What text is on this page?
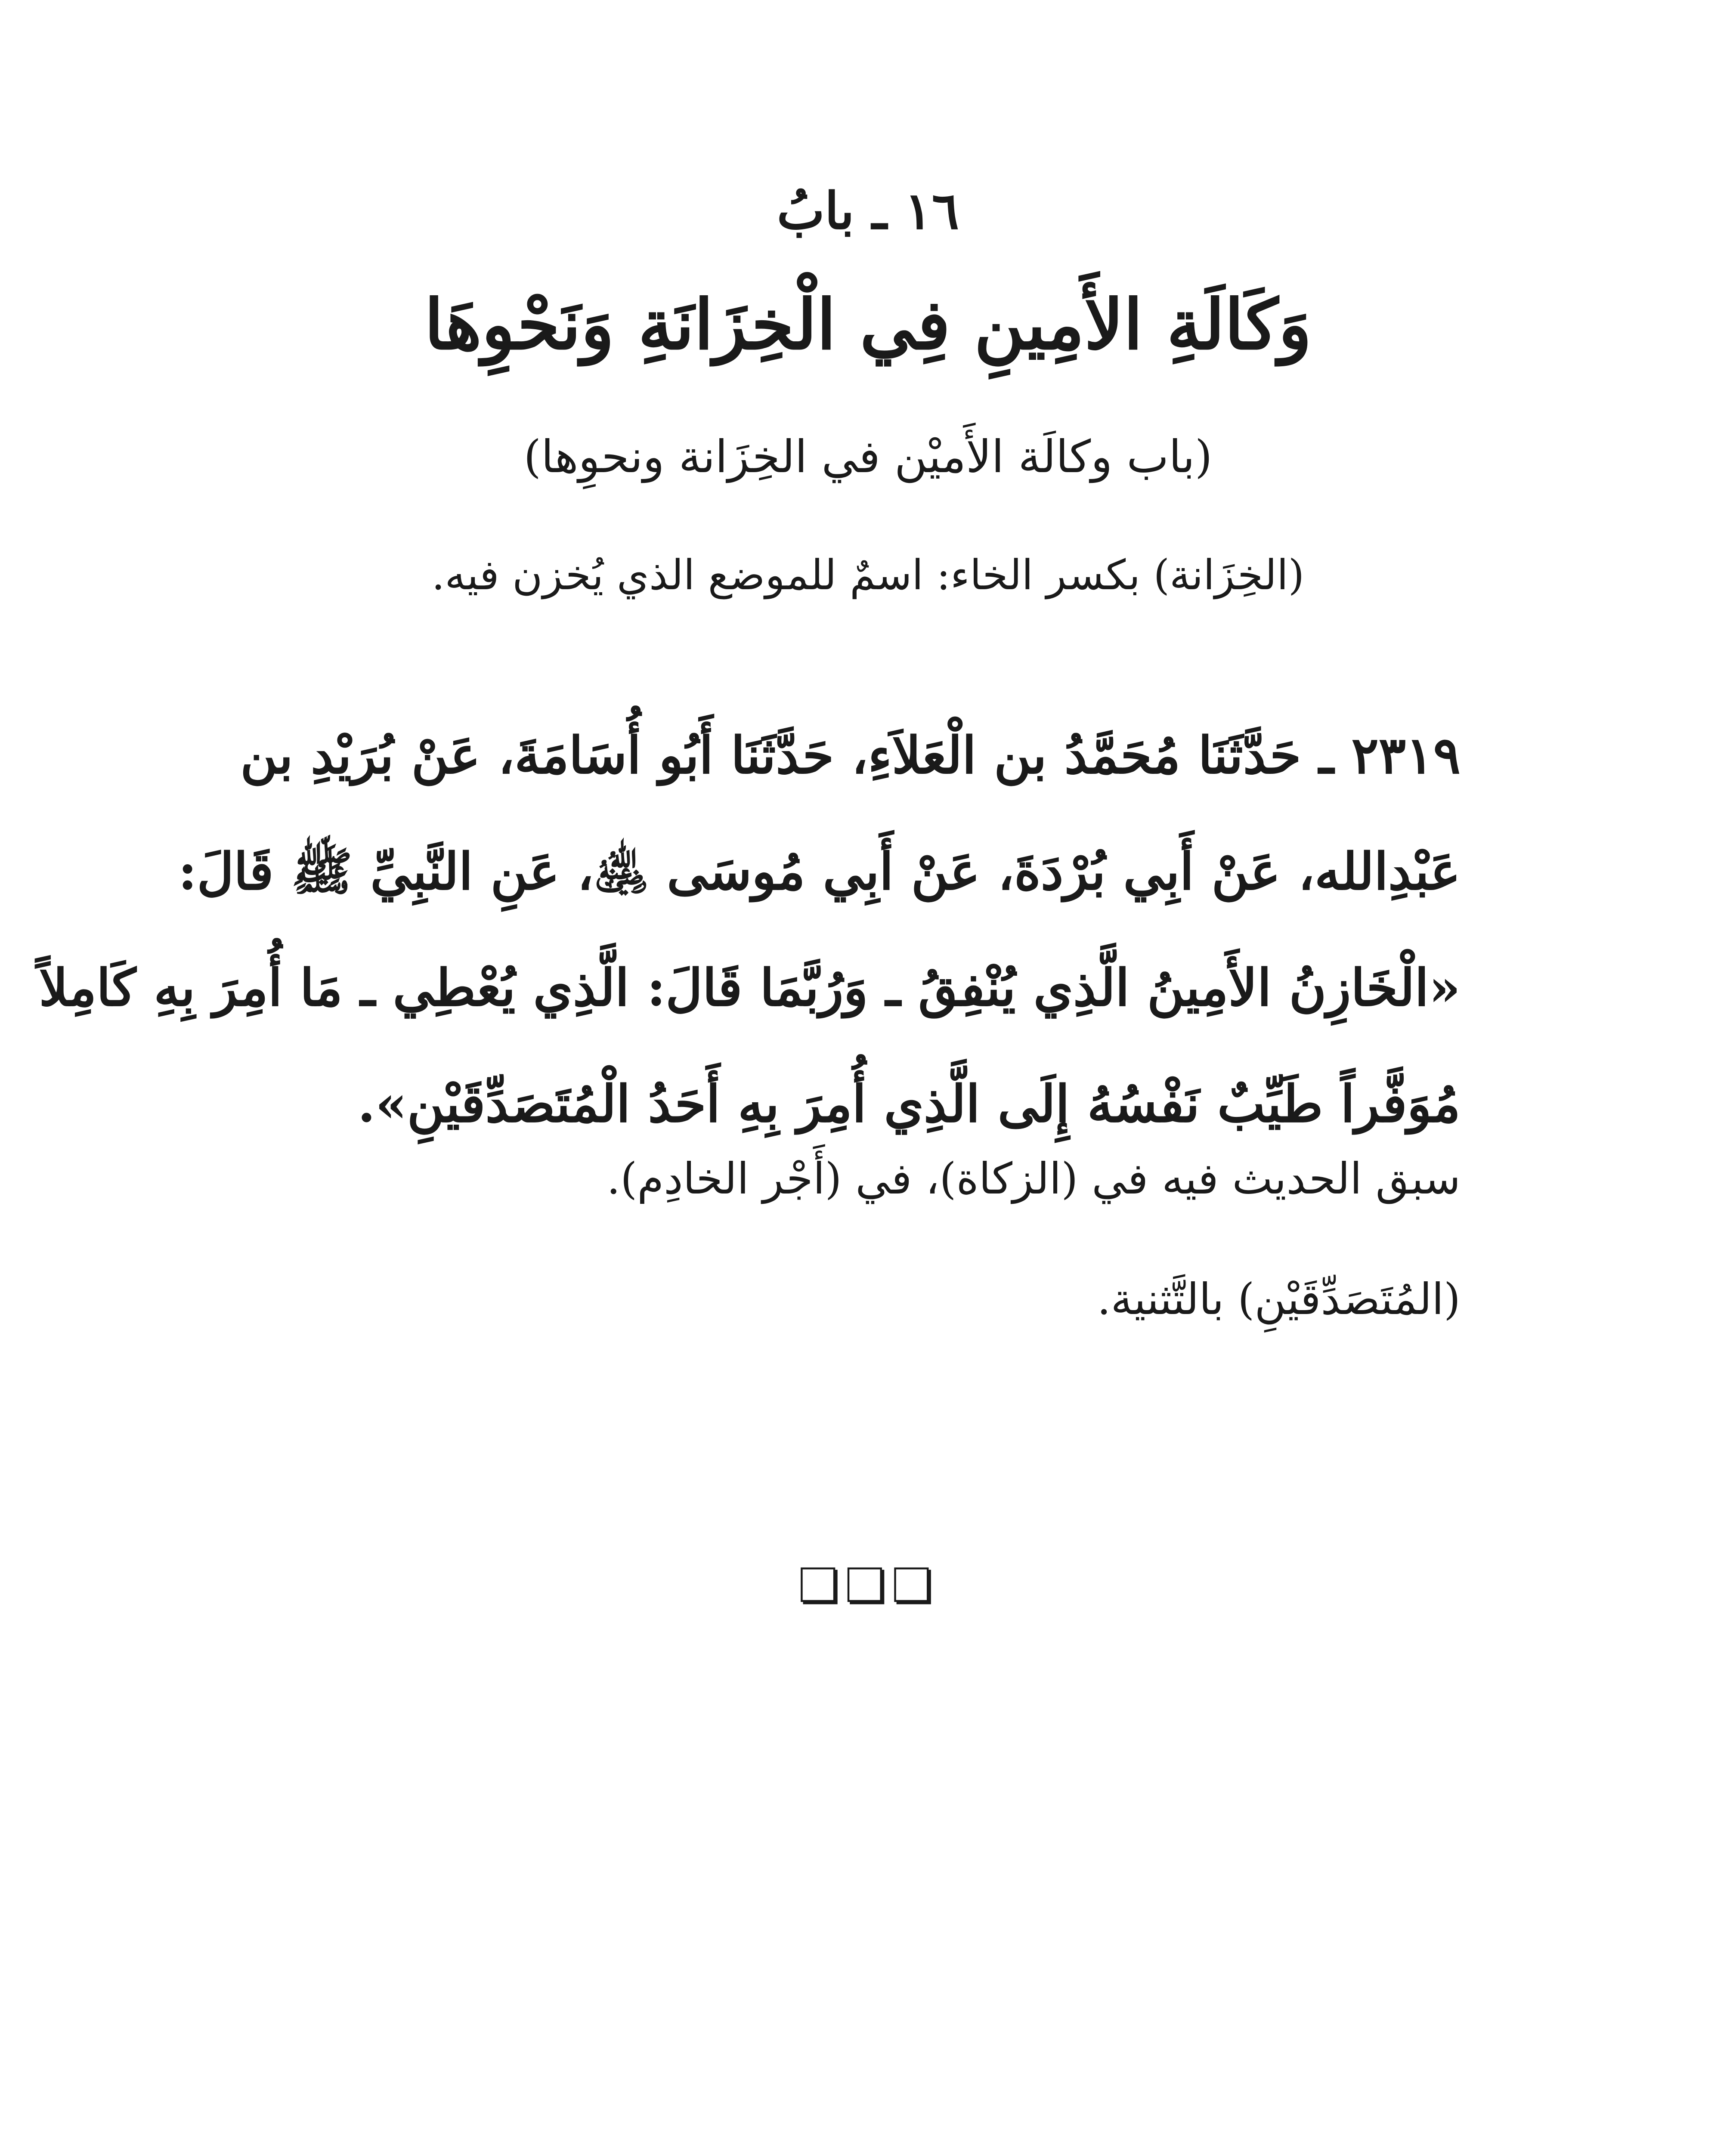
١٦ ـ بابُ
وَكَالَةِ الأَمِينِ فِي الْخِزَانَةِ وَنَحْوِهَا
(باب وكالَة الأَميْن في الخِزَانة ونحوِها)
(الخِزَانة) بكسر الخاء: اسمٌ للموضع الذي يُخزن فيه.
٢٣١٩ ـ حَدَّثَنَا مُحَمَّدُ بن الْعَلاَءِ، حَدَّثَنَا أَبُو أُسَامَةَ، عَنْ بُرَيْدِ بن
عَبْدِالله، عَنْ أَبِي بُرْدَةَ، عَنْ أَبِي مُوسَى ﵁، عَنِ النَّبِيِّ ﷺ قَالَ:
«الْخَازِنُ الأَمِينُ الَّذِي يُنْفِقُ ـ وَرُبَّمَا قَالَ: الَّذِي يُعْطِي ـ مَا أُمِرَ بِهِ كَامِلاً
مُوَفَّراً طَيِّبٌ نَفْسُهُ إِلَى الَّذِي أُمِرَ بِهِ أَحَدُ الْمُتَصَدِّقَيْنِ».
سبق الحديث فيه في (الزكاة)، في (أَجْر الخادِم).
(المُتَصَدِّقَيْنِ) بالتَّثنية.
❏❏❏
